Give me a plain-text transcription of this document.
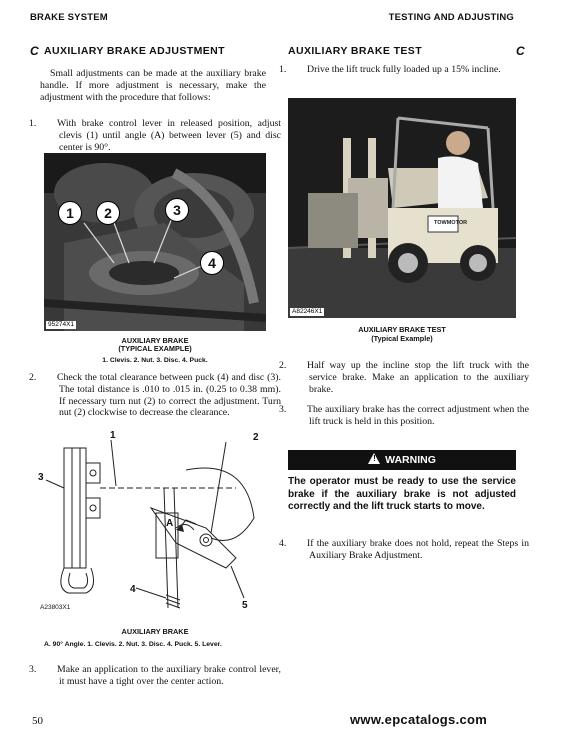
BRAKE SYSTEM	TESTING AND ADJUSTING
C AUXILIARY BRAKE ADJUSTMENT
Small adjustments can be made at the auxiliary brake handle. If more adjustment is necessary, make the adjustment with the procedure that follows:
1. With brake control lever in released position, adjust clevis (1) until angle (A) between lever (5) and disc center is 90°.
1	2	3
4
95274X1
AUXILIARY BRAKE
(TYPICAL EXAMPLE)
1. Clevis. 2. Nut. 3. Disc. 4. Puck.
2. Check the total clearance between puck (4) and disc (3). The total distance is .010 to .015 in. (0.25 to 0.38 mm). If necessary turn nut (2) to correct the adjustment. Turn nut (2) clockwise to decrease the clearance.
1	2
3
4
5
A
A23803X1
AUXILIARY BRAKE
A. 90° Angle. 1. Clevis. 2. Nut. 3. Disc. 4. Puck. 5. Lever.
3. Make an application to the auxiliary brake control lever, it must have a tight over the center action.
AUXILIARY BRAKE TEST	C
1. Drive the lift truck fully loaded up a 15% incline.
TOWMOTOR
A82246X1
AUXILIARY BRAKE TEST
(Typical Example)
2. Half way up the incline stop the lift truck with the service brake. Make an application to the auxiliary brake.
3. The auxiliary brake has the correct adjustment when the lift truck is held in this position.
! WARNING
The operator must be ready to use the service brake if the auxiliary brake is not adjusted correctly and the lift truck starts to move.
4. If the auxiliary brake does not hold, repeat the Steps in Auxiliary Brake Adjustment.
50	www.epcatalogs.com
